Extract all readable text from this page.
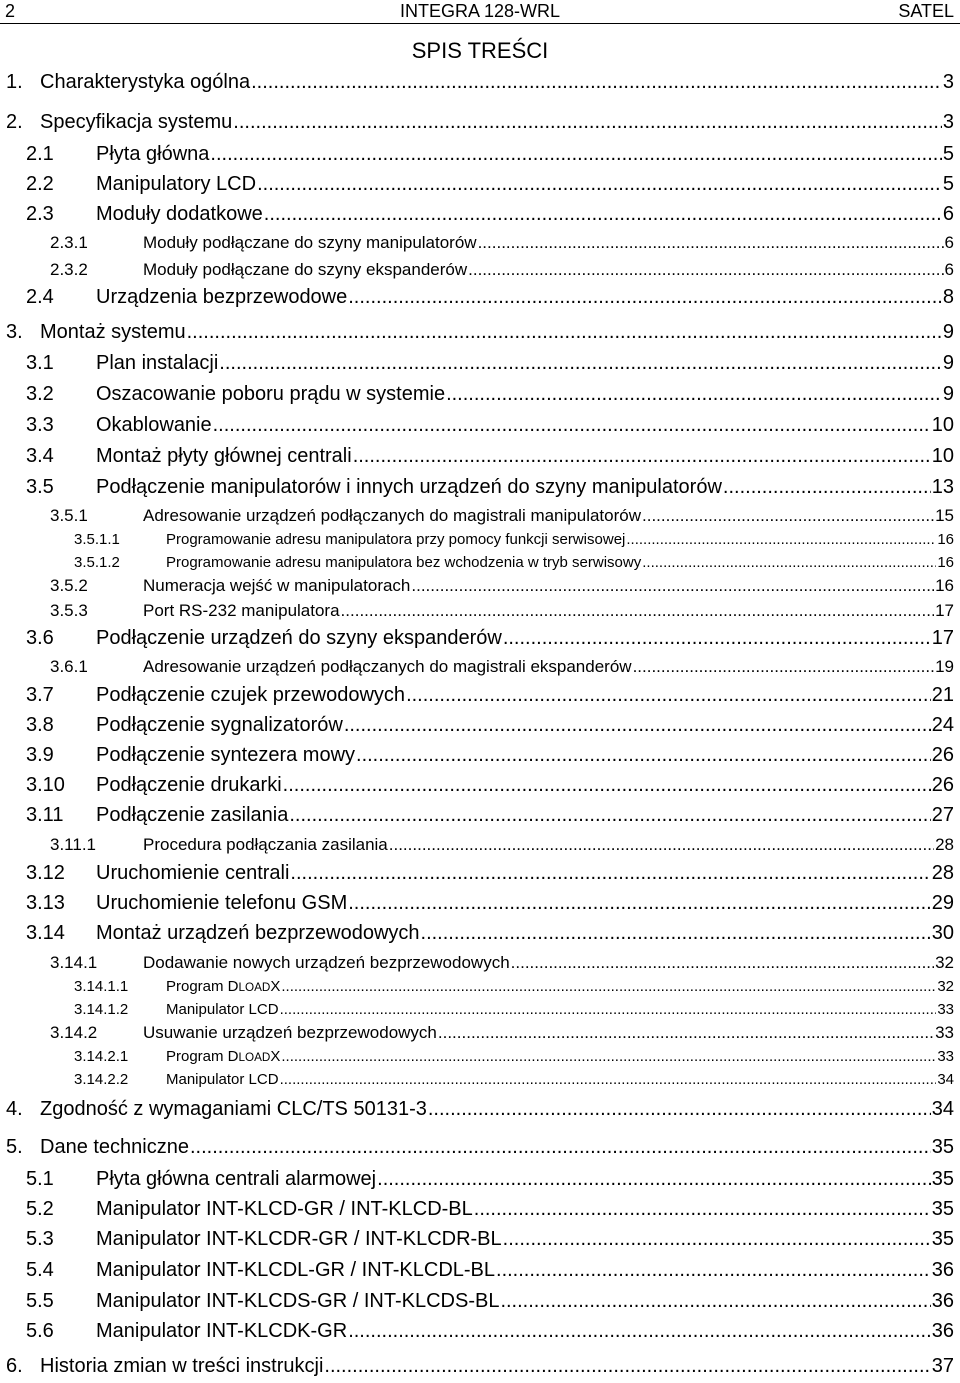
2	INTEGRA 128-WRL	SATEL
SPIS TREŚCI
1. Charakterystyka ogólna .....	3
2. Specyfikacja systemu .....	3
2.1	Płyta główna .....	5
2.2	Manipulatory LCD .....	5
2.3	Moduły dodatkowe .....	6
2.3.1	Moduły podłączane do szyny manipulatorów .....	6
2.3.2	Moduły podłączane do szyny ekspanderów .....	6
2.4	Urządzenia bezprzewodowe .....	8
3. Montaż systemu .....	9
3.1	Plan instalacji .....	9
3.2	Oszacowanie poboru prądu w systemie .....	9
3.3	Okablowanie .....	10
3.4	Montaż płyty głównej centrali .....	10
3.5	Podłączenie manipulatorów i innych urządzeń do szyny manipulatorów .....	13
3.5.1	Adresowanie urządzeń podłączanych do magistrali manipulatorów .....	15
3.5.1.1	Programowanie adresu manipulatora przy pomocy funkcji serwisowej .....	16
3.5.1.2	Programowanie adresu manipulatora bez wchodzenia w tryb serwisowy .....	16
3.5.2	Numeracja wejść w manipulatorach .....	16
3.5.3	Port RS-232 manipulatora .....	17
3.6	Podłączenie urządzeń do szyny ekspanderów .....	17
3.6.1	Adresowanie urządzeń podłączanych do magistrali ekspanderów .....	19
3.7	Podłączenie czujek przewodowych .....	21
3.8	Podłączenie sygnalizatorów .....	24
3.9	Podłączenie syntezera mowy .....	26
3.10	Podłączenie drukarki .....	26
3.11	Podłączenie zasilania .....	27
3.11.1	Procedura podłączania zasilania .....	28
3.12	Uruchomienie centrali .....	28
3.13	Uruchomienie telefonu GSM .....	29
3.14	Montaż urządzeń bezprzewodowych .....	30
3.14.1	Dodawanie nowych urządzeń bezprzewodowych .....	32
3.14.1.1	Program DLOADX .....	32
3.14.1.2	Manipulator LCD .....	33
3.14.2	Usuwanie urządzeń bezprzewodowych .....	33
3.14.2.1	Program DLOADX .....	33
3.14.2.2	Manipulator LCD .....	34
4. Zgodność z wymaganiami CLC/TS 50131-3 .....	34
5. Dane techniczne .....	35
5.1	Płyta główna centrali alarmowej .....	35
5.2	Manipulator INT-KLCD-GR / INT-KLCD-BL .....	35
5.3	Manipulator INT-KLCDR-GR / INT-KLCDR-BL .....	35
5.4	Manipulator INT-KLCDL-GR / INT-KLCDL-BL .....	36
5.5	Manipulator INT-KLCDS-GR / INT-KLCDS-BL .....	36
5.6	Manipulator INT-KLCDK-GR .....	36
6. Historia zmian w treści instrukcji .....	37
